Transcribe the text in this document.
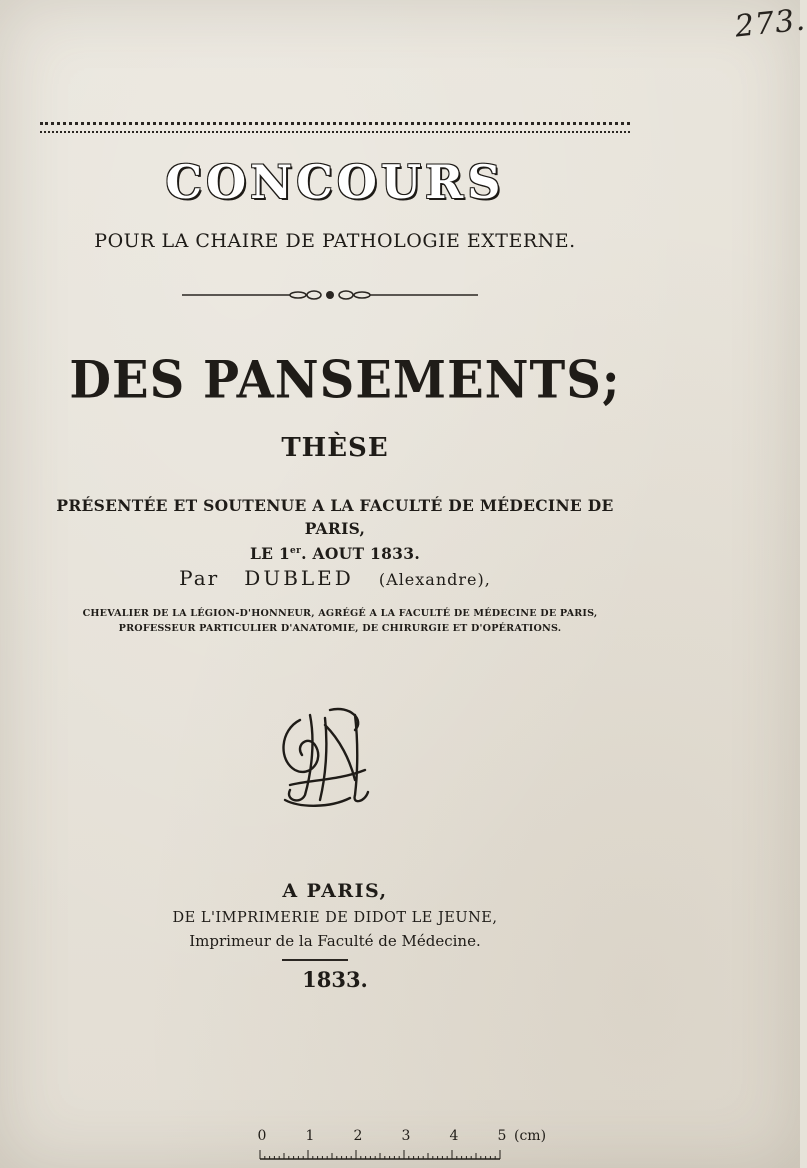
273.
CONCOURS
POUR LA CHAIRE DE PATHOLOGIE EXTERNE.
DES PANSEMENTS;
THÈSE
PRÉSENTÉE ET SOUTENUE A LA FACULTÉ DE MÉDECINE DE PARIS,
LE 1er. AOUT 1833.
Par DUBLED (Alexandre),
CHEVALIER DE LA LÉGION-D'HONNEUR, AGRÉGÉ A LA FACULTÉ DE MÉDECINE DE PARIS,
PROFESSEUR PARTICULIER D'ANATOMIE, DE CHIRURGIE ET D'OPÉRATIONS.
A PARIS,
DE L'IMPRIMERIE DE DIDOT LE JEUNE,
Imprimeur de la Faculté de Médecine.
1833.
0	1	2	3	4	5 (cm)
